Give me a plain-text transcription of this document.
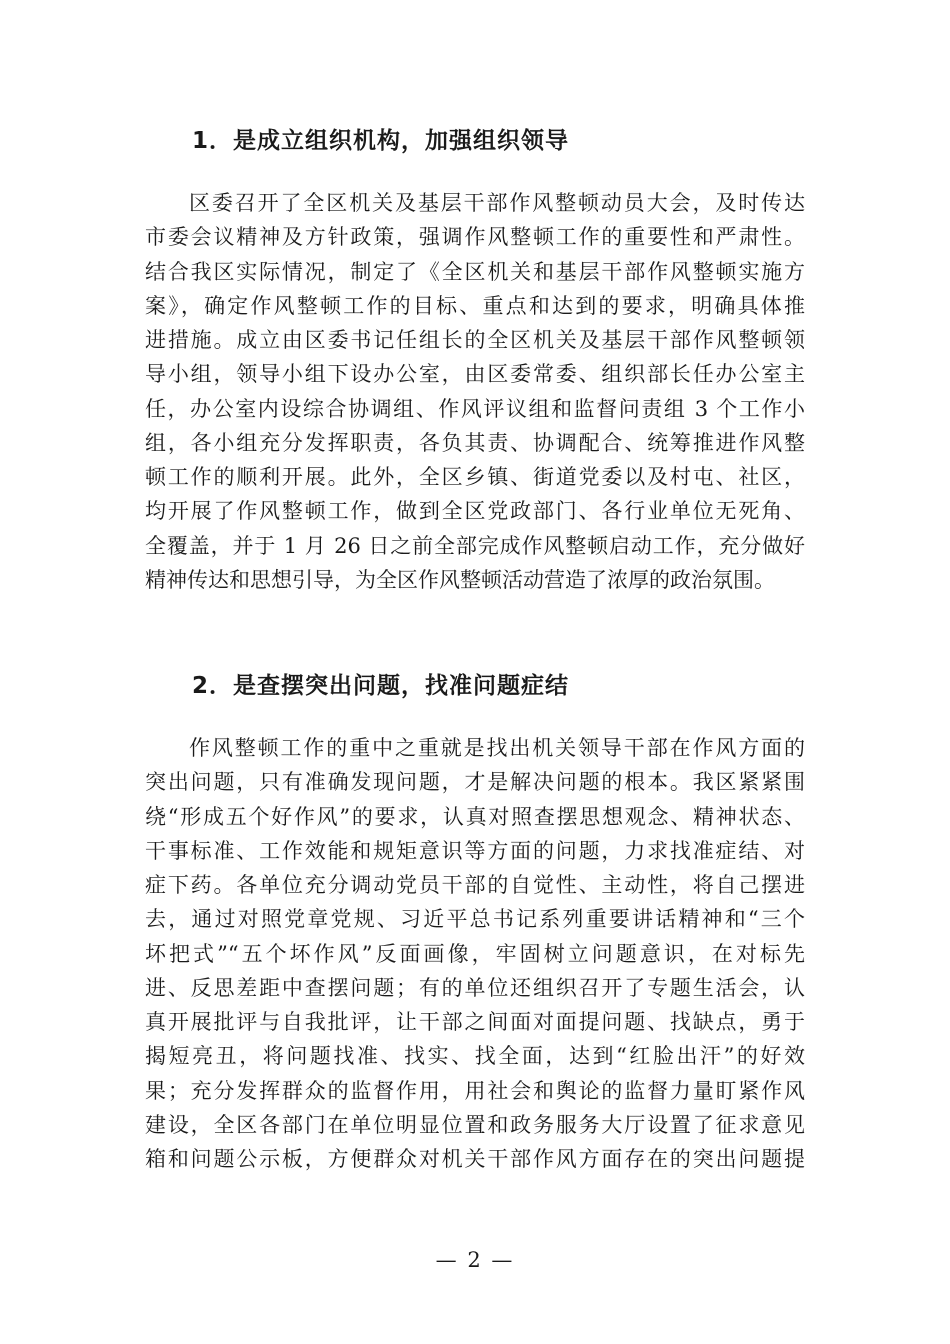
1．是成立组织机构，加强组织领导
区委召开了全区机关及基层干部作风整顿动员大会，及时传达
市委会议精神及方针政策，强调作风整顿工作的重要性和严肃性。
结合我区实际情况，制定了《全区机关和基层干部作风整顿实施方
案》，确定作风整顿工作的目标、重点和达到的要求，明确具体推
进措施。成立由区委书记任组长的全区机关及基层干部作风整顿领
导小组，领导小组下设办公室，由区委常委、组织部长任办公室主
任，办公室内设综合协调组、作风评议组和监督问责组 3 个工作小
组，各小组充分发挥职责，各负其责、协调配合、统筹推进作风整
顿工作的顺利开展。此外，全区乡镇、街道党委以及村屯、社区，
均开展了作风整顿工作，做到全区党政部门、各行业单位无死角、
全覆盖，并于 1 月 26 日之前全部完成作风整顿启动工作，充分做好
精神传达和思想引导，为全区作风整顿活动营造了浓厚的政治氛围。
2．是查摆突出问题，找准问题症结
作风整顿工作的重中之重就是找出机关领导干部在作风方面的
突出问题，只有准确发现问题，才是解决问题的根本。我区紧紧围
绕“形成五个好作风”的要求，认真对照查摆思想观念、精神状态、
干事标准、工作效能和规矩意识等方面的问题，力求找准症结、对
症下药。各单位充分调动党员干部的自觉性、主动性，将自己摆进
去，通过对照党章党规、习近平总书记系列重要讲话精神和“三个
坏把式”“五个坏作风”反面画像，牢固树立问题意识，在对标先
进、反思差距中查摆问题；有的单位还组织召开了专题生活会，认
真开展批评与自我批评，让干部之间面对面提问题、找缺点，勇于
揭短亮丑，将问题找准、找实、找全面，达到“红脸出汗”的好效
果；充分发挥群众的监督作用，用社会和舆论的监督力量盯紧作风
建设，全区各部门在单位明显位置和政务服务大厅设置了征求意见
箱和问题公示板，方便群众对机关干部作风方面存在的突出问题提
— 2 —
